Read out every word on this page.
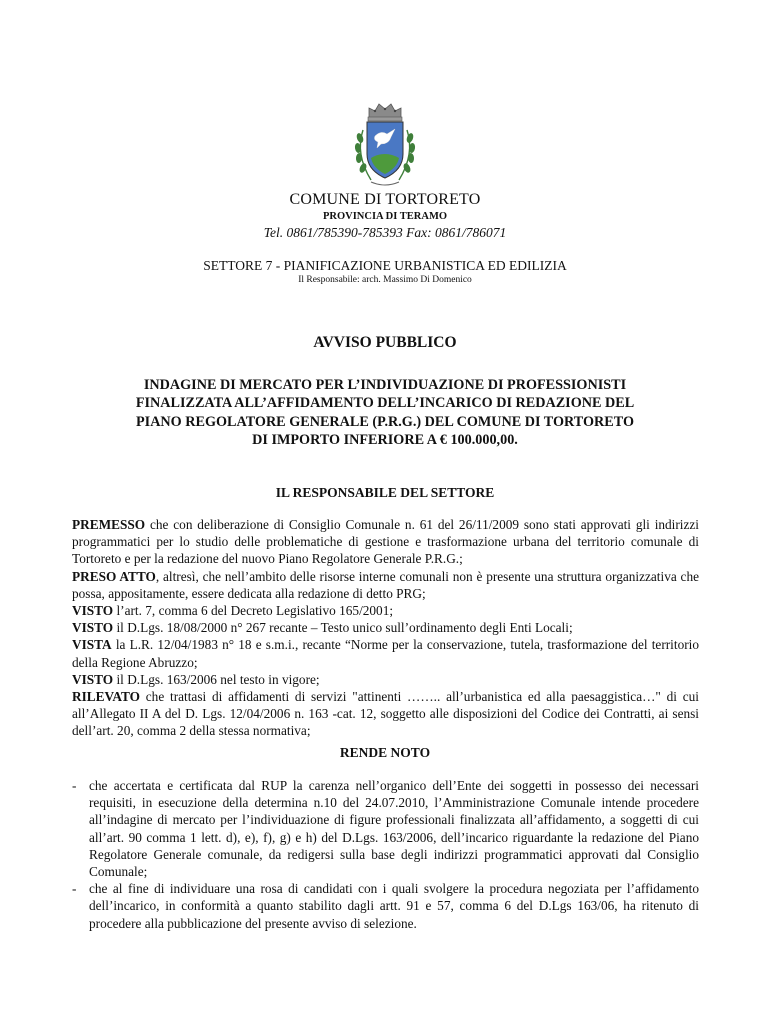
COMUNE DI TORTORETO
PROVINCIA DI TERAMO
Tel. 0861/785390-785393 Fax: 0861/786071
SETTORE 7 - PIANIFICAZIONE URBANISTICA ED EDILIZIA
Il Responsabile: arch. Massimo Di Domenico
AVVISO PUBBLICO
INDAGINE DI MERCATO PER L’INDIVIDUAZIONE DI PROFESSIONISTI
FINALIZZATA ALL’AFFIDAMENTO DELL’INCARICO DI REDAZIONE DEL
PIANO REGOLATORE GENERALE (P.R.G.) DEL COMUNE DI TORTORETO
DI IMPORTO INFERIORE A € 100.000,00.
IL RESPONSABILE DEL SETTORE

PREMESSO che con deliberazione di Consiglio Comunale n. 61 del 26/11/2009 sono stati approvati gli indirizzi programmatici per lo studio delle problematiche di gestione e trasformazione urbana del territorio comunale di Tortoreto e per la redazione del nuovo Piano Regolatore Generale P.R.G.;

PRESO ATTO, altresì, che nell’ambito delle risorse interne comunali non è presente una struttura organizzativa che possa, appositamente, essere dedicata alla redazione di detto PRG;

VISTO l’art. 7, comma 6 del Decreto Legislativo 165/2001;

VISTO il D.Lgs. 18/08/2000 n° 267 recante – Testo unico sull’ordinamento degli Enti Locali;

VISTA la L.R. 12/04/1983 n° 18 e s.m.i., recante “Norme per la conservazione, tutela, trasformazione del territorio della Regione Abruzzo;

VISTO il D.Lgs. 163/2006 nel testo in vigore;

RILEVATO che trattasi di affidamenti di servizi "attinenti …….. all’urbanistica ed alla paesaggistica…" di cui all’Allegato II A del D. Lgs. 12/04/2006 n. 163 -cat. 12, soggetto alle disposizioni del Codice dei Contratti, ai sensi dell’art. 20, comma 2 della stessa normativa;

RENDE NOTO

- che accertata e certificata dal RUP la carenza nell’organico dell’Ente dei soggetti in possesso dei necessari requisiti, in esecuzione della determina n.10 del 24.07.2010, l’Amministrazione Comunale intende procedere all’indagine di mercato per l’individuazione di figure professionali finalizzata all’affidamento, a soggetti di cui all’art. 90 comma 1 lett. d), e), f), g) e h) del D.Lgs. 163/2006, dell’incarico riguardante la redazione del Piano Regolatore Generale comunale, da redigersi sulla base degli indirizzi programmatici approvati dal Consiglio Comunale;

- che al fine di individuare una rosa di candidati con i quali svolgere la procedura negoziata per l’affidamento dell’incarico, in conformità a quanto stabilito dagli artt. 91 e 57, comma 6 del D.Lgs 163/06, ha ritenuto di procedere alla pubblicazione del presente avviso di selezione.
